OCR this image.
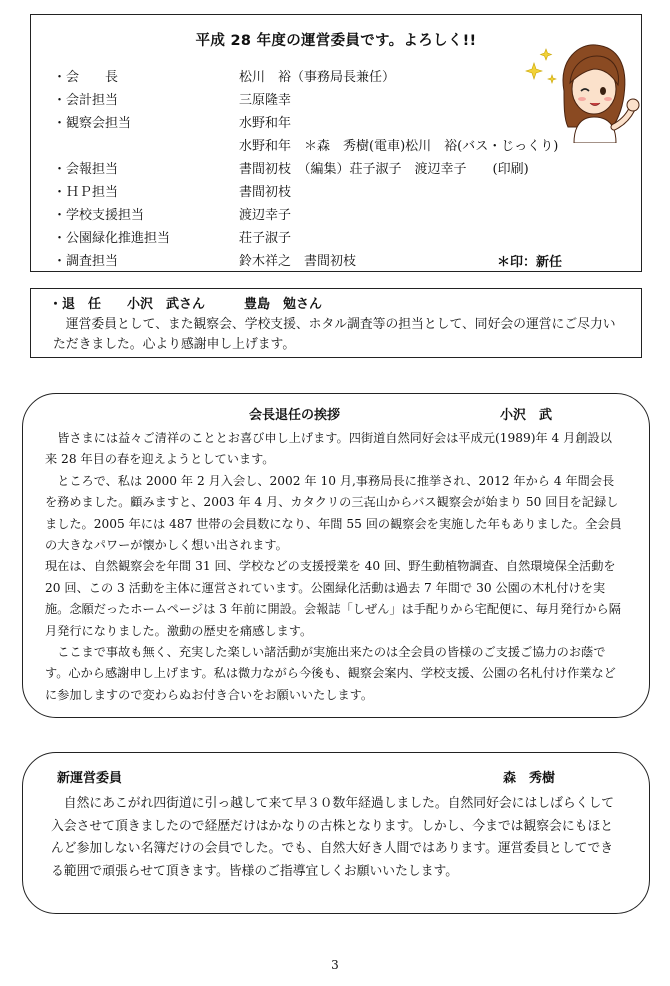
平成 28 年度の運営委員です。よろしく!!
・会　　長	松川　裕（事務局長兼任）
・会計担当	三原隆幸
・観察会担当	水野和年
水野和年　＊森　秀樹(電車)松川　裕(バス・じっくり)
・会報担当	書間初枝　（編集）荘子淑子　渡辺幸子　　(印刷)
・ＨＰ担当	書間初枝
・学校支援担当	渡辺幸子
・公園緑化推進担当	荘子淑子
・調査担当	鈴木祥之　書間初枝	＊印：新任
・退　任　　小沢　武さん　　　豊島　勉さん
運営委員として、また観察会、学校支援、ホタル調査等の担当として、同好会の運営にご尽力いただきました。心より感謝申し上げます。
会長退任の挨拶	小沢　武

皆さまには益々ご清祥のこととお喜び申し上げます。四街道自然同好会は平成元(1989)年 4 月創設以来 28 年目の春を迎えようとしています。

ところで、私は 2000 年 2 月入会し、2002 年 10 月,事務局長に推挙され、2012 年から 4 年間会長を務めました。顧みますと、2003 年 4 月、カタクリの三㐂山からバス観察会が始まり 50 回目を記録しました。2005 年には 487 世帯の会員数になり、年間 55 回の観察会を実施した年もありました。全会員の大きなパワーが懐かしく想い出されます。

現在は、自然観察会を年間 31 回、学校などの支援授業を 40 回、野生動植物調査、自然環境保全活動を 20 回、この 3 活動を主体に運営されています。公園緑化活動は過去 7 年間で 30 公園の木札付けを実施。念願だったホームページは 3 年前に開設。会報誌「しぜん」は手配りから宅配便に、毎月発行から隔月発行になりました。激動の歴史を痛感します。

ここまで事故も無く、充実した楽しい諸活動が実施出来たのは全会員の皆様のご支援ご協力のお蔭です。心から感謝申し上げます。私は微力ながら今後も、観察会案内、学校支援、公園の名札付け作業などに参加しますので変わらぬお付き合いをお願いいたします。

新運営委員	森　秀樹
自然にあこがれ四街道に引っ越して来て早３０数年経過しました。自然同好会にはしばらくして入会させて頂きましたので経歴だけはかなりの古株となります。しかし、今までは観察会にもほとんど参加しない名簿だけの会員でした。でも、自然大好き人間ではあります。運営委員としてできる範囲で頑張らせて頂きます。皆様のご指導宜しくお願いいたします。
3
